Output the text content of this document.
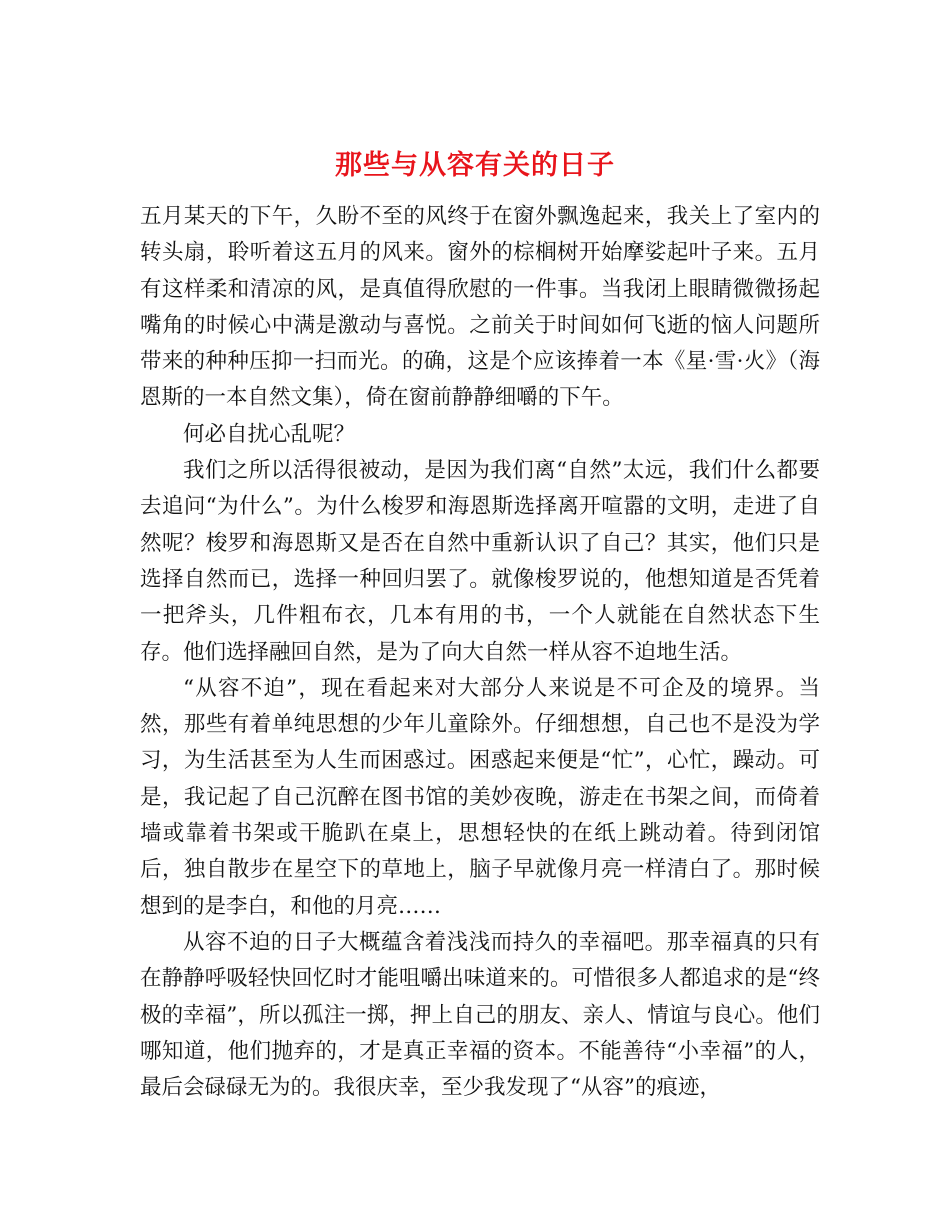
那些与从容有关的日子

五月某天的下午，久盼不至的风终于在窗外飘逸起来，我关上了室内的转头扇，聆听着这五月的风来。窗外的棕榈树开始摩娑起叶子来。五月有这样柔和清凉的风，是真值得欣慰的一件事。当我闭上眼睛微微扬起嘴角的时候心中满是激动与喜悦。之前关于时间如何飞逝的恼人问题所带来的种种压抑一扫而光。的确，这是个应该捧着一本《星·雪·火》（海恩斯的一本自然文集），倚在窗前静静细嚼的下午。

何必自扰心乱呢？

我们之所以活得很被动，是因为我们离“自然”太远，我们什么都要去追问“为什么”。为什么梭罗和海恩斯选择离开喧嚣的文明，走进了自然呢？梭罗和海恩斯又是否在自然中重新认识了自己？其实，他们只是选择自然而已，选择一种回归罢了。就像梭罗说的，他想知道是否凭着一把斧头，几件粗布衣，几本有用的书，一个人就能在自然状态下生存。他们选择融回自然，是为了向大自然一样从容不迫地生活。

“从容不迫”，现在看起来对大部分人来说是不可企及的境界。当然，那些有着单纯思想的少年儿童除外。仔细想想，自己也不是没为学习，为生活甚至为人生而困惑过。困惑起来便是“忙”，心忙，躁动。可是，我记起了自己沉醉在图书馆的美妙夜晚，游走在书架之间，而倚着墙或靠着书架或干脆趴在桌上，思想轻快的在纸上跳动着。待到闭馆后，独自散步在星空下的草地上，脑子早就像月亮一样清白了。那时候想到的是李白，和他的月亮……

从容不迫的日子大概蕴含着浅浅而持久的幸福吧。那幸福真的只有在静静呼吸轻快回忆时才能咀嚼出味道来的。可惜很多人都追求的是“终极的幸福”，所以孤注一掷，押上自己的朋友、亲人、情谊与良心。他们哪知道，他们抛弃的，才是真正幸福的资本。不能善待“小幸福”的人，最后会碌碌无为的。我很庆幸，至少我发现了“从容”的痕迹，
